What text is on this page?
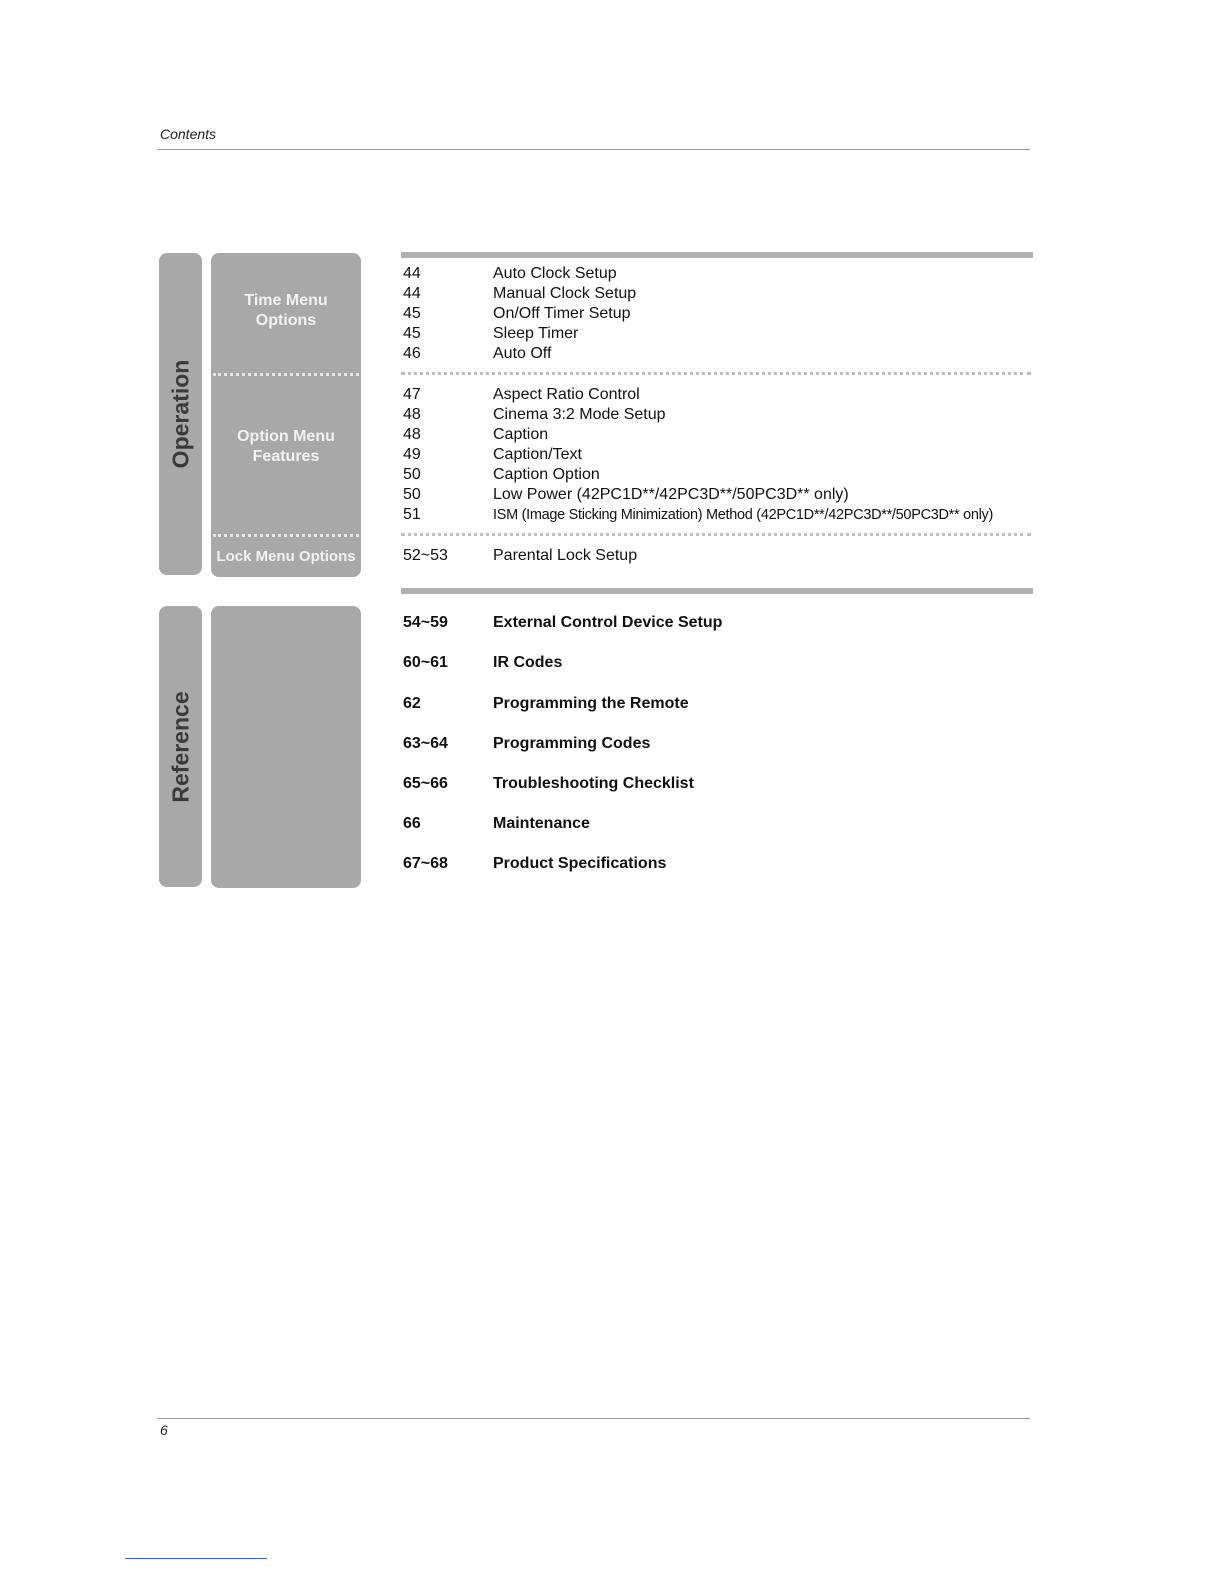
Contents
Operation
Time Menu
Options
Option Menu
Features
Lock Menu Options
44	Auto Clock Setup
44	Manual Clock Setup
45	On/Off Timer Setup
45	Sleep Timer
46	Auto Off
47	Aspect Ratio Control
48	Cinema 3:2 Mode Setup
48	Caption
49	Caption/Text
50	Caption Option
50	Low Power (42PC1D**/42PC3D**/50PC3D** only)
51	ISM (Image Sticking Minimization) Method (42PC1D**/42PC3D**/50PC3D** only)
52~53	Parental Lock Setup
Reference
54~59	External Control Device Setup
60~61	IR Codes
62	Programming the Remote
63~64	Programming Codes
65~66	Troubleshooting Checklist
66	Maintenance
67~68	Product Specifications
6
